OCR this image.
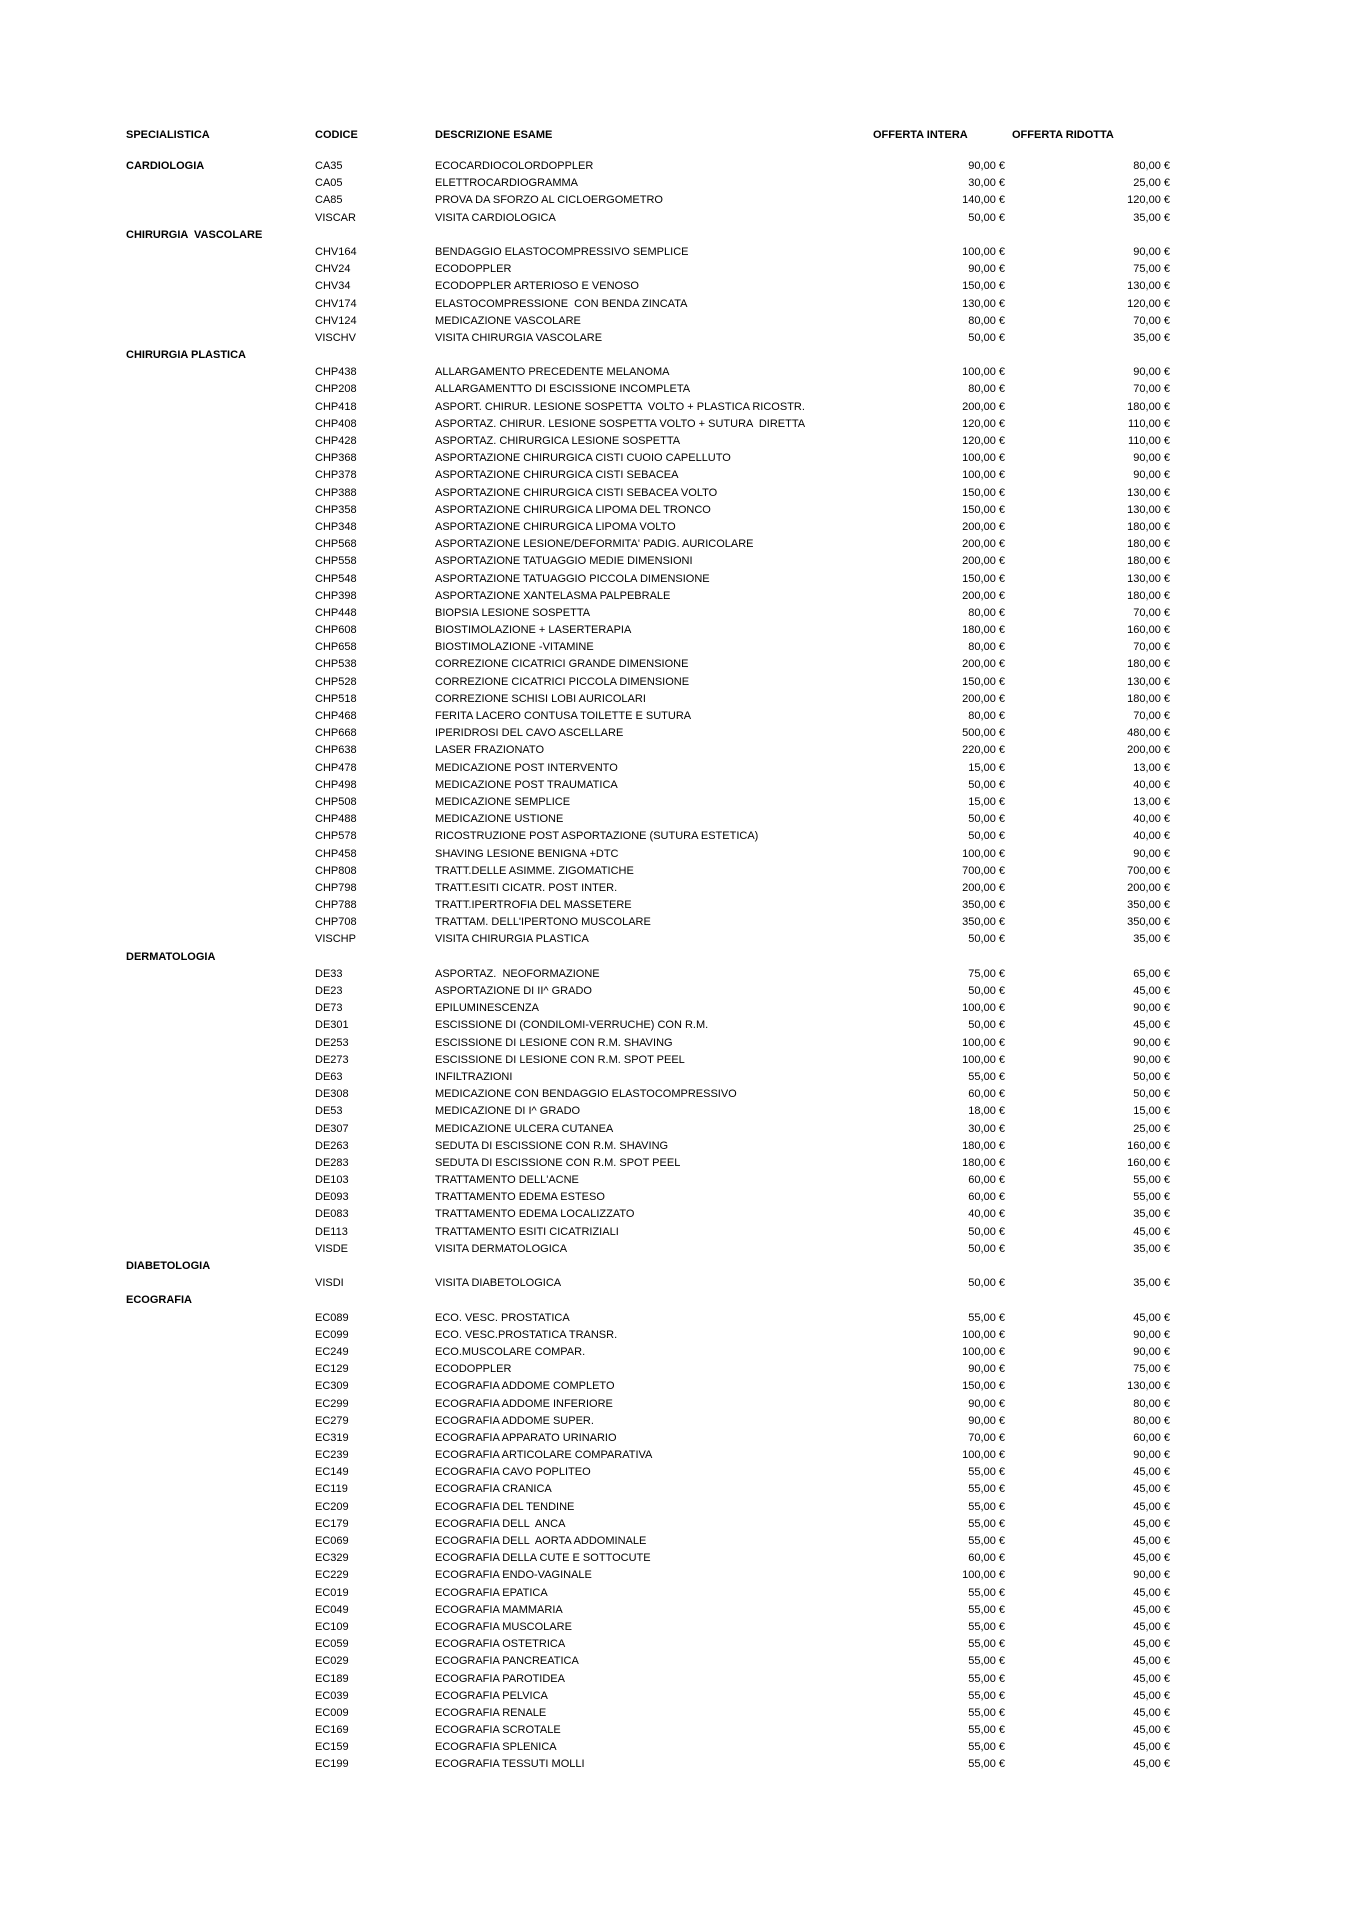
SPECIALISTICA	CODICE	DESCRIZIONE ESAME	OFFERTA INTERA	OFFERTA RIDOTTA
CARDIOLOGIA	CA35	ECOCARDIOCOLORDOPPLER	90,00 €	80,00 €
CA05	ELETTROCARDIOGRAMMA	30,00 €	25,00 €
CA85	PROVA DA SFORZO AL CICLOERGOMETRO	140,00 €	120,00 €
VISCAR	VISITA CARDIOLOGICA	50,00 €	35,00 €
CHIRURGIA  VASCOLARE
CHV164	BENDAGGIO ELASTOCOMPRESSIVO SEMPLICE	100,00 €	90,00 €
CHV24	ECODOPPLER	90,00 €	75,00 €
CHV34	ECODOPPLER ARTERIOSO E VENOSO	150,00 €	130,00 €
CHV174	ELASTOCOMPRESSIONE  CON BENDA ZINCATA	130,00 €	120,00 €
CHV124	MEDICAZIONE VASCOLARE	80,00 €	70,00 €
VISCHV	VISITA CHIRURGIA VASCOLARE	50,00 €	35,00 €
CHIRURGIA PLASTICA
CHP438	ALLARGAMENTO PRECEDENTE MELANOMA	100,00 €	90,00 €
CHP208	ALLARGAMENTTO DI ESCISSIONE INCOMPLETA	80,00 €	70,00 €
CHP418	ASPORT. CHIRUR. LESIONE SOSPETTA  VOLTO + PLASTICA RICOSTR.	200,00 €	180,00 €
CHP408	ASPORTAZ. CHIRUR. LESIONE SOSPETTA VOLTO + SUTURA  DIRETTA	120,00 €	110,00 €
CHP428	ASPORTAZ. CHIRURGICA LESIONE SOSPETTA	120,00 €	110,00 €
CHP368	ASPORTAZIONE CHIRURGICA CISTI CUOIO CAPELLUTO	100,00 €	90,00 €
CHP378	ASPORTAZIONE CHIRURGICA CISTI SEBACEA	100,00 €	90,00 €
CHP388	ASPORTAZIONE CHIRURGICA CISTI SEBACEA VOLTO	150,00 €	130,00 €
CHP358	ASPORTAZIONE CHIRURGICA LIPOMA DEL TRONCO	150,00 €	130,00 €
CHP348	ASPORTAZIONE CHIRURGICA LIPOMA VOLTO	200,00 €	180,00 €
CHP568	ASPORTAZIONE LESIONE/DEFORMITA' PADIG. AURICOLARE	200,00 €	180,00 €
CHP558	ASPORTAZIONE TATUAGGIO MEDIE DIMENSIONI	200,00 €	180,00 €
CHP548	ASPORTAZIONE TATUAGGIO PICCOLA DIMENSIONE	150,00 €	130,00 €
CHP398	ASPORTAZIONE XANTELASMA PALPEBRALE	200,00 €	180,00 €
CHP448	BIOPSIA LESIONE SOSPETTA	80,00 €	70,00 €
CHP608	BIOSTIMOLAZIONE + LASERTERAPIA	180,00 €	160,00 €
CHP658	BIOSTIMOLAZIONE -VITAMINE	80,00 €	70,00 €
CHP538	CORREZIONE CICATRICI GRANDE DIMENSIONE	200,00 €	180,00 €
CHP528	CORREZIONE CICATRICI PICCOLA DIMENSIONE	150,00 €	130,00 €
CHP518	CORREZIONE SCHISI LOBI AURICOLARI	200,00 €	180,00 €
CHP468	FERITA LACERO CONTUSA TOILETTE E SUTURA	80,00 €	70,00 €
CHP668	IPERIDROSI DEL CAVO ASCELLARE	500,00 €	480,00 €
CHP638	LASER FRAZIONATO	220,00 €	200,00 €
CHP478	MEDICAZIONE POST INTERVENTO	15,00 €	13,00 €
CHP498	MEDICAZIONE POST TRAUMATICA	50,00 €	40,00 €
CHP508	MEDICAZIONE SEMPLICE	15,00 €	13,00 €
CHP488	MEDICAZIONE USTIONE	50,00 €	40,00 €
CHP578	RICOSTRUZIONE POST ASPORTAZIONE (SUTURA ESTETICA)	50,00 €	40,00 €
CHP458	SHAVING LESIONE BENIGNA +DTC	100,00 €	90,00 €
CHP808	TRATT.DELLE ASIMME. ZIGOMATICHE	700,00 €	700,00 €
CHP798	TRATT.ESITI CICATR. POST INTER.	200,00 €	200,00 €
CHP788	TRATT.IPERTROFIA DEL MASSETERE	350,00 €	350,00 €
CHP708	TRATTAM. DELL'IPERTONO MUSCOLARE	350,00 €	350,00 €
VISCHP	VISITA CHIRURGIA PLASTICA	50,00 €	35,00 €
DERMATOLOGIA
DE33	ASPORTAZ.  NEOFORMAZIONE	75,00 €	65,00 €
DE23	ASPORTAZIONE DI II^ GRADO	50,00 €	45,00 €
DE73	EPILUMINESCENZA	100,00 €	90,00 €
DE301	ESCISSIONE DI (CONDILOMI-VERRUCHE) CON R.M.	50,00 €	45,00 €
DE253	ESCISSIONE DI LESIONE CON R.M. SHAVING	100,00 €	90,00 €
DE273	ESCISSIONE DI LESIONE CON R.M. SPOT PEEL	100,00 €	90,00 €
DE63	INFILTRAZIONI	55,00 €	50,00 €
DE308	MEDICAZIONE CON BENDAGGIO ELASTOCOMPRESSIVO	60,00 €	50,00 €
DE53	MEDICAZIONE DI I^ GRADO	18,00 €	15,00 €
DE307	MEDICAZIONE ULCERA CUTANEA	30,00 €	25,00 €
DE263	SEDUTA DI ESCISSIONE CON R.M. SHAVING	180,00 €	160,00 €
DE283	SEDUTA DI ESCISSIONE CON R.M. SPOT PEEL	180,00 €	160,00 €
DE103	TRATTAMENTO DELL'ACNE	60,00 €	55,00 €
DE093	TRATTAMENTO EDEMA ESTESO	60,00 €	55,00 €
DE083	TRATTAMENTO EDEMA LOCALIZZATO	40,00 €	35,00 €
DE113	TRATTAMENTO ESITI CICATRIZIALI	50,00 €	45,00 €
VISDE	VISITA DERMATOLOGICA	50,00 €	35,00 €
DIABETOLOGIA
VISDI	VISITA DIABETOLOGICA	50,00 €	35,00 €
ECOGRAFIA
EC089	ECO. VESC. PROSTATICA	55,00 €	45,00 €
EC099	ECO. VESC.PROSTATICA TRANSR.	100,00 €	90,00 €
EC249	ECO.MUSCOLARE COMPAR.	100,00 €	90,00 €
EC129	ECODOPPLER	90,00 €	75,00 €
EC309	ECOGRAFIA ADDOME COMPLETO	150,00 €	130,00 €
EC299	ECOGRAFIA ADDOME INFERIORE	90,00 €	80,00 €
EC279	ECOGRAFIA ADDOME SUPER.	90,00 €	80,00 €
EC319	ECOGRAFIA APPARATO URINARIO	70,00 €	60,00 €
EC239	ECOGRAFIA ARTICOLARE COMPARATIVA	100,00 €	90,00 €
EC149	ECOGRAFIA CAVO POPLITEO	55,00 €	45,00 €
EC119	ECOGRAFIA CRANICA	55,00 €	45,00 €
EC209	ECOGRAFIA DEL TENDINE	55,00 €	45,00 €
EC179	ECOGRAFIA DELL  ANCA	55,00 €	45,00 €
EC069	ECOGRAFIA DELL  AORTA ADDOMINALE	55,00 €	45,00 €
EC329	ECOGRAFIA DELLA CUTE E SOTTOCUTE	60,00 €	45,00 €
EC229	ECOGRAFIA ENDO-VAGINALE	100,00 €	90,00 €
EC019	ECOGRAFIA EPATICA	55,00 €	45,00 €
EC049	ECOGRAFIA MAMMARIA	55,00 €	45,00 €
EC109	ECOGRAFIA MUSCOLARE	55,00 €	45,00 €
EC059	ECOGRAFIA OSTETRICA	55,00 €	45,00 €
EC029	ECOGRAFIA PANCREATICA	55,00 €	45,00 €
EC189	ECOGRAFIA PAROTIDEA	55,00 €	45,00 €
EC039	ECOGRAFIA PELVICA	55,00 €	45,00 €
EC009	ECOGRAFIA RENALE	55,00 €	45,00 €
EC169	ECOGRAFIA SCROTALE	55,00 €	45,00 €
EC159	ECOGRAFIA SPLENICA	55,00 €	45,00 €
EC199	ECOGRAFIA TESSUTI MOLLI	55,00 €	45,00 €
